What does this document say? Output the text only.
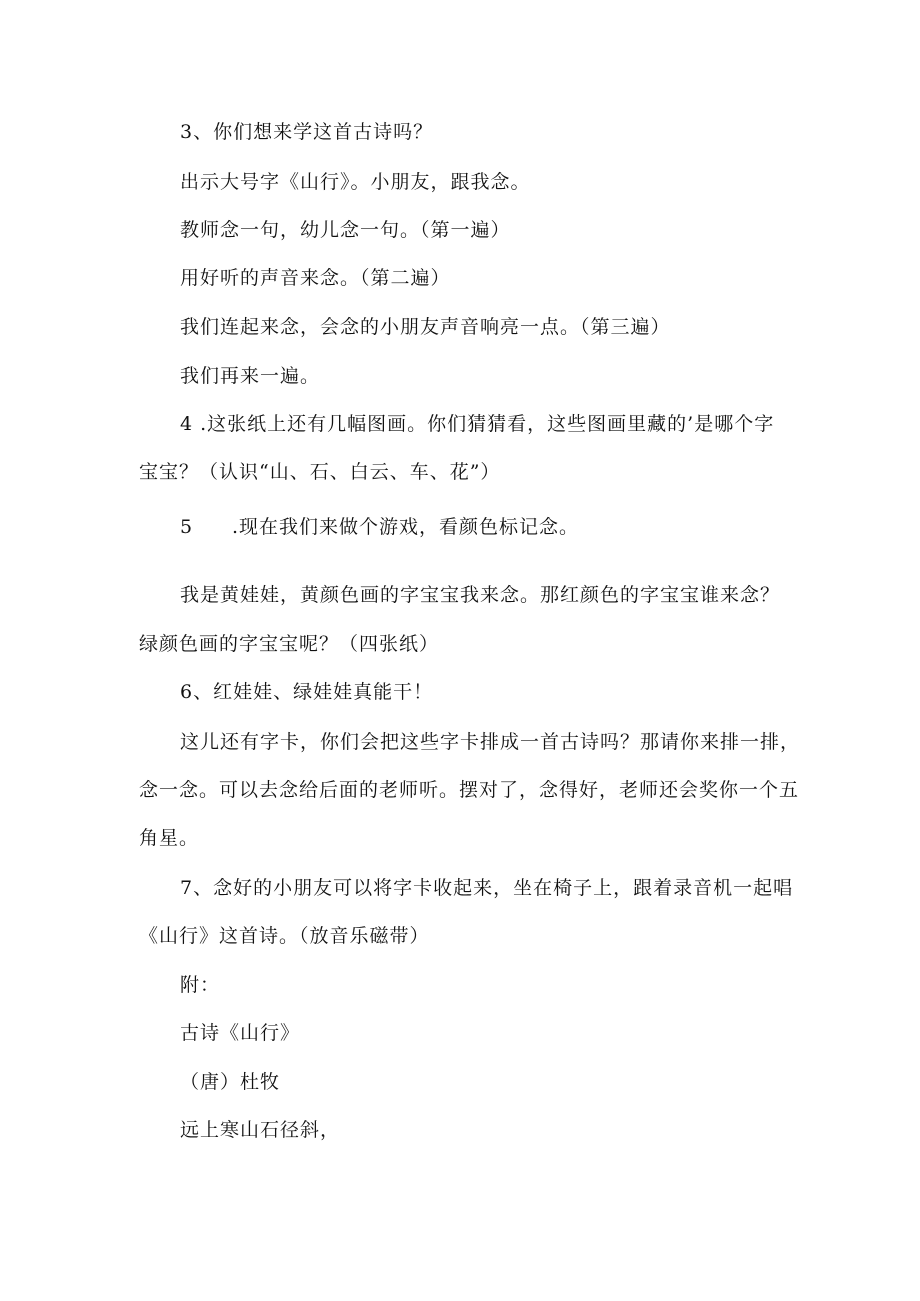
3、你们想来学这首古诗吗？
出示大号字《山行》。小朋友，跟我念。
教师念一句，幼儿念一句。（第一遍）
用好听的声音来念。（第二遍）
我们连起来念，会念的小朋友声音响亮一点。（第三遍）
我们再来一遍。
4 .这张纸上还有几幅图画。你们猜猜看，这些图画里藏的’是哪个字
宝宝？（认识“山、石、白云、车、花”）
5 .现在我们来做个游戏，看颜色标记念。
我是黄娃娃，黄颜色画的字宝宝我来念。那红颜色的字宝宝谁来念？
绿颜色画的字宝宝呢？（四张纸）
6、红娃娃、绿娃娃真能干！
这儿还有字卡，你们会把这些字卡排成一首古诗吗？那请你来排一排，
念一念。可以去念给后面的老师听。摆对了，念得好，老师还会奖你一个五
角星。
7、念好的小朋友可以将字卡收起来，坐在椅子上，跟着录音机一起唱
《山行》这首诗。（放音乐磁带）
附：
古诗《山行》
（唐）杜牧
远上寒山石径斜，
